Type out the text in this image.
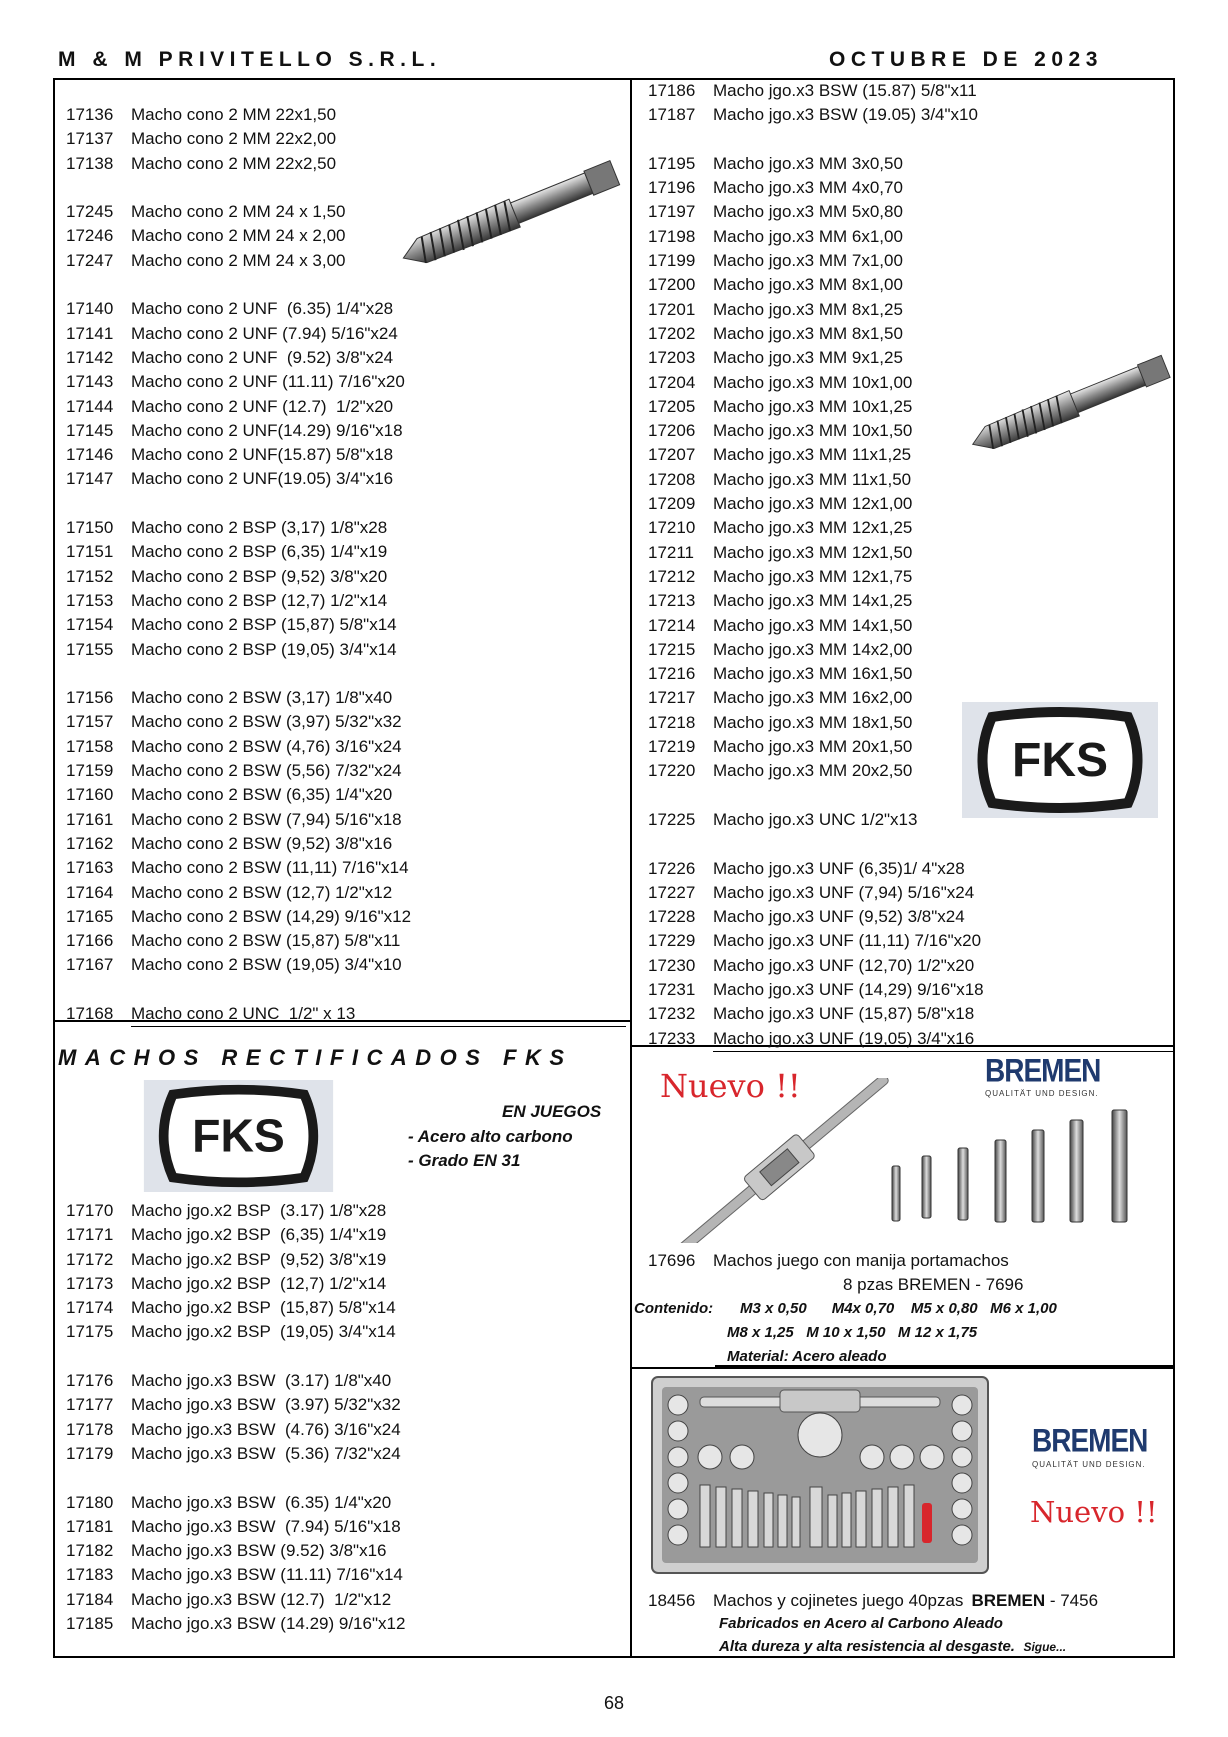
M & M PRIVITELLO S.R.L.	OCTUBRE DE 2023
17136	Macho cono 2 MM 22x1,50
17137	Macho cono 2 MM 22x2,00
17138	Macho cono 2 MM 22x2,50
17245	Macho cono 2 MM 24 x 1,50
17246	Macho cono 2 MM 24 x 2,00
17247	Macho cono 2 MM 24 x 3,00
17140	Macho cono 2 UNF  (6.35) 1/4"x28
17141	Macho cono 2 UNF (7.94) 5/16"x24
17142	Macho cono 2 UNF  (9.52) 3/8"x24
17143	Macho cono 2 UNF (11.11) 7/16"x20
17144	Macho cono 2 UNF (12.7)  1/2"x20
17145	Macho cono 2 UNF(14.29) 9/16"x18
17146	Macho cono 2 UNF(15.87) 5/8"x18
17147	Macho cono 2 UNF(19.05) 3/4"x16
17150	Macho cono 2 BSP (3,17) 1/8"x28
17151	Macho cono 2 BSP (6,35) 1/4"x19
17152	Macho cono 2 BSP (9,52) 3/8"x20
17153	Macho cono 2 BSP (12,7) 1/2"x14
17154	Macho cono 2 BSP (15,87) 5/8"x14
17155	Macho cono 2 BSP (19,05) 3/4"x14
17156	Macho cono 2 BSW (3,17) 1/8"x40
17157	Macho cono 2 BSW (3,97) 5/32"x32
17158	Macho cono 2 BSW (4,76) 3/16"x24
17159	Macho cono 2 BSW (5,56) 7/32"x24
17160	Macho cono 2 BSW (6,35) 1/4"x20
17161	Macho cono 2 BSW (7,94) 5/16"x18
17162	Macho cono 2 BSW (9,52) 3/8"x16
17163	Macho cono 2 BSW (11,11) 7/16"x14
17164	Macho cono 2 BSW (12,7) 1/2"x12
17165	Macho cono 2 BSW (14,29) 9/16"x12
17166	Macho cono 2 BSW (15,87) 5/8"x11
17167	Macho cono 2 BSW (19,05) 3/4"x10
17168	Macho cono 2 UNC  1/2" x 13
17170	Macho jgo.x2 BSP  (3.17) 1/8"x28
17171	Macho jgo.x2 BSP  (6,35) 1/4"x19
17172	Macho jgo.x2 BSP  (9,52) 3/8"x19
17173	Macho jgo.x2 BSP  (12,7) 1/2"x14
17174	Macho jgo.x2 BSP  (15,87) 5/8"x14
17175	Macho jgo.x2 BSP  (19,05) 3/4"x14
17176	Macho jgo.x3 BSW  (3.17) 1/8"x40
17177	Macho jgo.x3 BSW  (3.97) 5/32"x32
17178	Macho jgo.x3 BSW  (4.76) 3/16"x24
17179	Macho jgo.x3 BSW  (5.36) 7/32"x24
17180	Macho jgo.x3 BSW  (6.35) 1/4"x20
17181	Macho jgo.x3 BSW  (7.94) 5/16"x18
17182	Macho jgo.x3 BSW (9.52) 3/8"x16
17183	Macho jgo.x3 BSW (11.11) 7/16"x14
17184	Macho jgo.x3 BSW (12.7)  1/2"x12
17185	Macho jgo.x3 BSW (14.29) 9/16"x12
17186	Macho jgo.x3 BSW (15.87) 5/8"x11
17187	Macho jgo.x3 BSW (19.05) 3/4"x10
17195	Macho jgo.x3 MM 3x0,50
17196	Macho jgo.x3 MM 4x0,70
17197	Macho jgo.x3 MM 5x0,80
17198	Macho jgo.x3 MM 6x1,00
17199	Macho jgo.x3 MM 7x1,00
17200	Macho jgo.x3 MM 8x1,00
17201	Macho jgo.x3 MM 8x1,25
17202	Macho jgo.x3 MM 8x1,50
17203	Macho jgo.x3 MM 9x1,25
17204	Macho jgo.x3 MM 10x1,00
17205	Macho jgo.x3 MM 10x1,25
17206	Macho jgo.x3 MM 10x1,50
17207	Macho jgo.x3 MM 11x1,25
17208	Macho jgo.x3 MM 11x1,50
17209	Macho jgo.x3 MM 12x1,00
17210	Macho jgo.x3 MM 12x1,25
17211	Macho jgo.x3 MM 12x1,50
17212	Macho jgo.x3 MM 12x1,75
17213	Macho jgo.x3 MM 14x1,25
17214	Macho jgo.x3 MM 14x1,50
17215	Macho jgo.x3 MM 14x2,00
17216	Macho jgo.x3 MM 16x1,50
17217	Macho jgo.x3 MM 16x2,00
17218	Macho jgo.x3 MM 18x1,50
17219	Macho jgo.x3 MM 20x1,50
17220	Macho jgo.x3 MM 20x2,50
17225	Macho jgo.x3 UNC 1/2"x13
17226	Macho jgo.x3 UNF (6,35)1/ 4"x28
17227	Macho jgo.x3 UNF (7,94) 5/16"x24
17228	Macho jgo.x3 UNF (9,52) 3/8"x24
17229	Macho jgo.x3 UNF (11,11) 7/16"x20
17230	Macho jgo.x3 UNF (12,70) 1/2"x20
17231	Macho jgo.x3 UNF (14,29) 9/16"x18
17232	Macho jgo.x3 UNF (15,87) 5/8"x18
17233	Macho jgo.x3 UNF (19,05) 3/4"x16
FKS
MACHOS RECTIFICADOS FKS
FKS	EN JUEGOS
- Acero alto carbono
- Grado EN 31
Nuevo !!	BREMEN
QUALITÄT UND DESIGN.
17696	Machos juego con manija portamachos
8 pzas BREMEN - 7696
Contenido: M3 x 0,50      M4x 0,70    M5 x 0,80   M6 x 1,00
M8 x 1,25   M 10 x 1,50   M 12 x 1,75
Material: Acero aleado
BREMEN
QUALITÄT UND DESIGN.
Nuevo !!
18456	Machos y cojinetes juego 40pzas BREMEN - 7456
Fabricados en Acero al Carbono Aleado
Alta dureza y alta resistencia al desgaste. Sigue...
68
